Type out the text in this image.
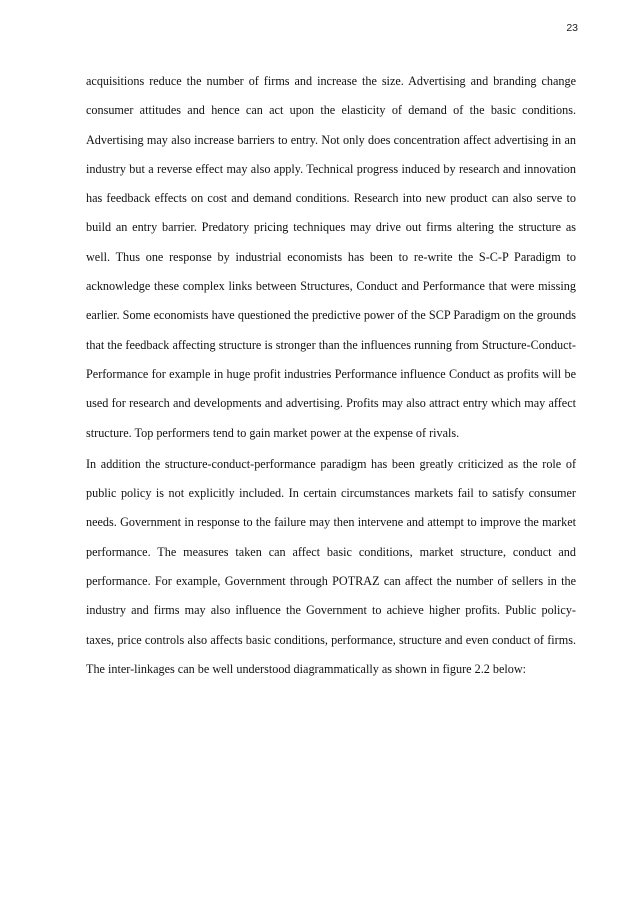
23

acquisitions reduce the number of firms and increase the size. Advertising and branding change consumer attitudes and hence can act upon the elasticity of demand of the basic conditions. Advertising may also increase barriers to entry. Not only does concentration affect advertising in an industry but a reverse effect may also apply. Technical progress induced by research and innovation has feedback effects on cost and demand conditions. Research into new product can also serve to build an entry barrier. Predatory pricing techniques may drive out firms altering the structure as well. Thus one response by industrial economists has been to re-write the S-C-P Paradigm to acknowledge these complex links between Structures, Conduct and Performance that were missing earlier. Some economists have questioned the predictive power of the SCP Paradigm on the grounds that the feedback affecting structure is stronger than the influences running from Structure-Conduct-Performance for example in huge profit industries Performance influence Conduct as profits will be used for research and developments and advertising. Profits may also attract entry which may affect structure. Top performers tend to gain market power at the expense of rivals.

In addition the structure-conduct-performance paradigm has been greatly criticized as the role of public policy is not explicitly included. In certain circumstances markets fail to satisfy consumer needs. Government in response to the failure may then intervene and attempt to improve the market performance. The measures taken can affect basic conditions, market structure, conduct and performance. For example, Government through POTRAZ can affect the number of sellers in the industry and firms may also influence the Government to achieve higher profits. Public policy-taxes, price controls also affects basic conditions, performance, structure and even conduct of firms. The inter-linkages can be well understood diagrammatically as shown in figure 2.2 below:
